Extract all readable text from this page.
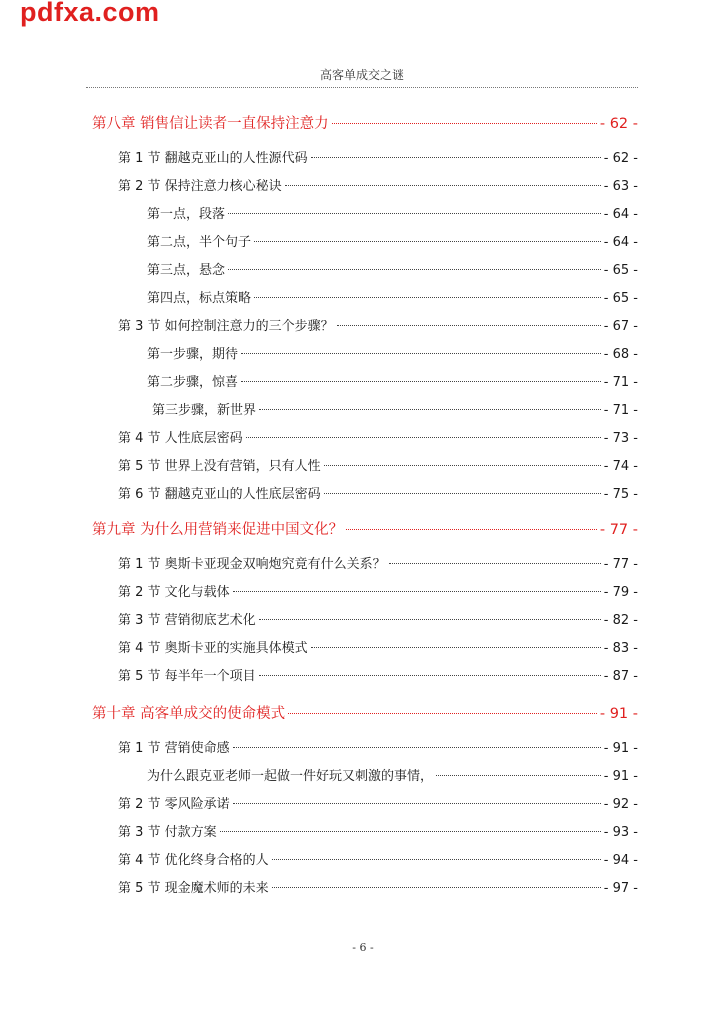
pdfxa.com
高客单成交之谜
第八章 销售信让读者一直保持注意力	- 62 -
第 1 节 翻越克亚山的人性源代码	- 62 -
第 2 节 保持注意力核心秘诀	- 63 -
第一点，段落	- 64 -
第二点，半个句子	- 64 -
第三点，悬念	- 65 -
第四点，标点策略	- 65 -
第 3 节 如何控制注意力的三个步骤？	- 67 -
第一步骤，期待	- 68 -
第二步骤，惊喜	- 71 -
第三步骤，新世界	- 71 -
第 4 节 人性底层密码	- 73 -
第 5 节 世界上没有营销，只有人性	- 74 -
第 6 节 翻越克亚山的人性底层密码	- 75 -
第九章 为什么用营销来促进中国文化？	- 77 -
第 1 节 奥斯卡亚现金双响炮究竟有什么关系？	- 77 -
第 2 节 文化与载体	- 79 -
第 3 节 营销彻底艺术化	- 82 -
第 4 节 奥斯卡亚的实施具体模式	- 83 -
第 5 节 每半年一个项目	- 87 -
第十章 高客单成交的使命模式	- 91 -
第 1 节 营销使命感	- 91 -
为什么跟克亚老师一起做一件好玩又刺激的事情，	- 91 -
第 2 节 零风险承诺	- 92 -
第 3 节 付款方案	- 93 -
第 4 节 优化终身合格的人	- 94 -
第 5 节 现金魔术师的未来	- 97 -
- 6 -
